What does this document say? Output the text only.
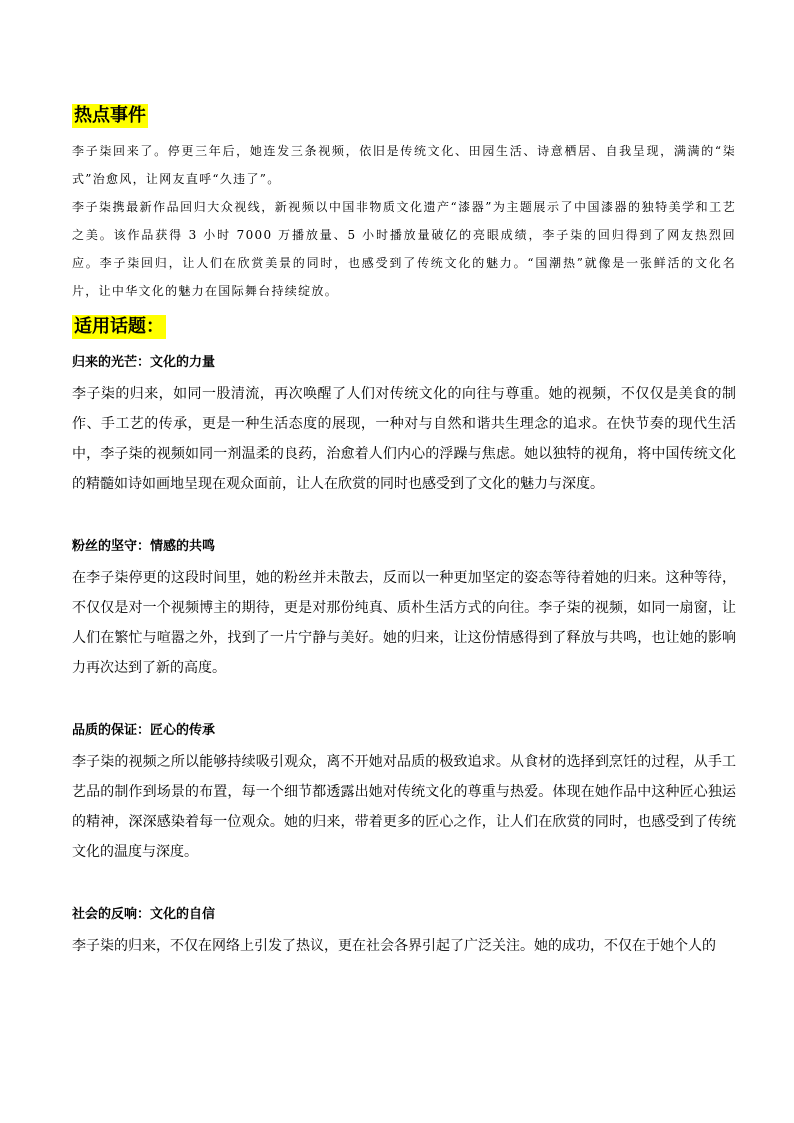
热点事件

李子柒回来了。停更三年后，她连发三条视频，依旧是传统文化、田园生活、诗意栖居、自我呈现，满满的“柒式”治愈风，让网友直呼“久违了”。

李子柒携最新作品回归大众视线，新视频以中国非物质文化遗产“漆器”为主题展示了中国漆器的独特美学和工艺之美。该作品获得 3 小时 7000 万播放量、5 小时播放量破亿的亮眼成绩，李子柒的回归得到了网友热烈回应。李子柒回归，让人们在欣赏美景的同时，也感受到了传统文化的魅力。“国潮热”就像是一张鲜活的文化名片，让中华文化的魅力在国际舞台持续绽放。

适用话题：

归来的光芒：文化的力量

李子柒的归来，如同一股清流，再次唤醒了人们对传统文化的向往与尊重。她的视频，不仅仅是美食的制作、手工艺的传承，更是一种生活态度的展现，一种对与自然和谐共生理念的追求。在快节奏的现代生活中，李子柒的视频如同一剂温柔的良药，治愈着人们内心的浮躁与焦虑。她以独特的视角，将中国传统文化的精髓如诗如画地呈现在观众面前，让人在欣赏的同时也感受到了文化的魅力与深度。

粉丝的坚守：情感的共鸣

在李子柒停更的这段时间里，她的粉丝并未散去，反而以一种更加坚定的姿态等待着她的归来。这种等待，不仅仅是对一个视频博主的期待，更是对那份纯真、质朴生活方式的向往。李子柒的视频，如同一扇窗，让人们在繁忙与喧嚣之外，找到了一片宁静与美好。她的归来，让这份情感得到了释放与共鸣，也让她的影响力再次达到了新的高度。

品质的保证：匠心的传承

李子柒的视频之所以能够持续吸引观众，离不开她对品质的极致追求。从食材的选择到烹饪的过程，从手工艺品的制作到场景的布置，每一个细节都透露出她对传统文化的尊重与热爱。体现在她作品中这种匠心独运的精神，深深感染着每一位观众。她的归来，带着更多的匠心之作，让人们在欣赏的同时，也感受到了传统文化的温度与深度。

社会的反响：文化的自信

李子柒的归来，不仅在网络上引发了热议，更在社会各界引起了广泛关注。她的成功，不仅在于她个人的
